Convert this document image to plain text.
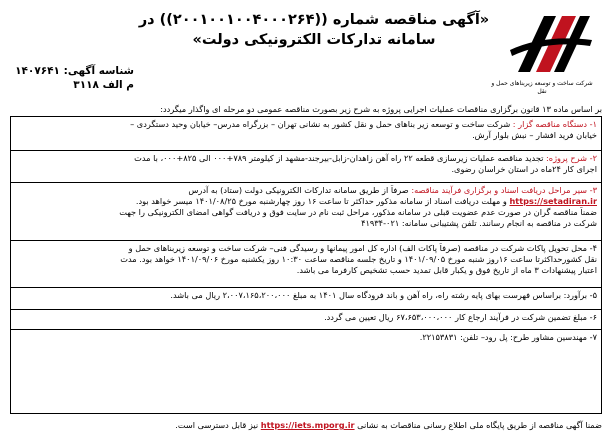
شرکت ساخت و توسعه زیربناهای حمل و نقل
«آگهی مناقصه شماره ((۲۰۰۱۰۰۱۰۰۴۰۰۰۲۶۴)) در
سامانه تدارکات الکترونیکی دولت»
شناسه آگهی: ۱۴۰۷۶۴۱
م الف ۳۱۱۸
بر اساس ماده ۱۳ قانون برگزاری مناقصات عملیات اجرایی پروژه به شرح زیر بصورت مناقصه عمومی دو مرحله ای واگذار میگردد:
۱- دستگاه مناقصه گزار : شرکت ساخت و توسعه زیر بناهای حمل و نقل کشور به نشانی تهران – بزرگراه مدرس– خیابان وحید دستگردی –
خیابان فرید افشار – نبش بلوار آرش.
۲- شرح پروژه: تجدید مناقصه عملیات زیرسازی قطعه ۲۲ راه آهن زاهدان-زابل-بیرجند-مشهد از کیلومتر ۷۸۹+۰۰۰ الی ۸۲۵+۰۰۰، با مدت
اجرای کار ۲۴ماه در استان خراسان رضوی.
۳- سیر مراحل دریافت اسناد و برگزاری فرآیند مناقصه: صرفاً از طریق سامانه تدارکات الکترونیکی دولت (ستاد) به آدرس
https://setadiran.ir و مهلت دریافت اسناد از سامانه مذکور حداکثر تا ساعت ۱۶ روز چهارشنبه مورخ ۱۴۰۱/۰۸/۲۵ میسر خواهد بود.
ضمناً مناقصه گران در صورت عدم عضویت قبلی در سامانه مذکور، مراحل ثبت نام در سایت فوق و دریافت گواهی امضای الکترونیکی را جهت
شرکت در مناقصه به انجام رسانند. تلفن پشتیبانی سامانه: ۰۲۱-۴۱۹۳۴
۴- محل تحویل پاکات شرکت در مناقصه (صرفاً پاکات الف) اداره کل امور پیمانها و رسیدگی فنی– شرکت ساخت و توسعه زیربناهای حمل و
نقل کشورحداکثرتا ساعت ۱۶روز شنبه مورخ ۱۴۰۱/۰۹/۰۵ و تاریخ جلسه مناقصه ساعت ۱۰:۳۰ روز یکشنبه مورخ ۱۴۰۱/۰۹/۰۶ خواهد بود. مدت
اعتبار پیشنهادات ۳ ماه از تاریخ فوق و یکبار قابل تمدید حسب تشخیص کارفرما می باشد.
۵- برآورد: براساس فهرست بهای پایه رشته راه، راه آهن و باند فرودگاه سال ۱۴۰۱ به مبلغ ۲،۰۰۷،۱۶۵،۲۰۰،۰۰۰ ریال می باشد.
۶- مبلغ تضمین شرکت در فرآیند ارجاع کار ۶۷،۶۵۳،۰۰۰،۰۰۰ ریال تعیین می گردد.
۷- مهندسین مشاور طرح: پل رود– تلفن: ۲۲۱۵۳۸۳۱.
ضمنا آگهی مناقصه از طریق پایگاه ملی اطلاع رسانی مناقصات به نشانی https://iets.mporg.ir نیز قابل دسترسی است.
